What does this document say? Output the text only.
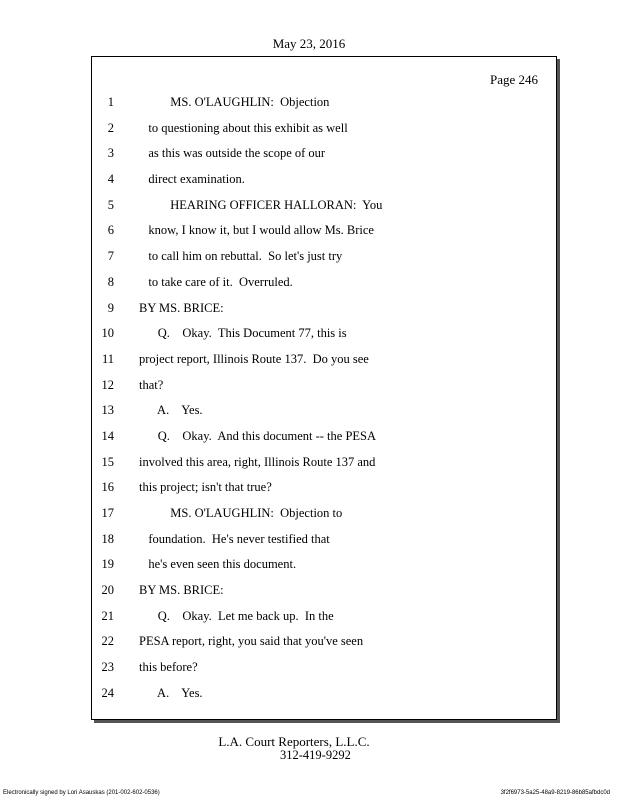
May 23, 2016
Page 246
1 MS. O'LAUGHLIN:  Objection
2 to questioning about this exhibit as well
3 as this was outside the scope of our
4 direct examination.
5 HEARING OFFICER HALLORAN:  You
6 know, I know it, but I would allow Ms. Brice
7 to call him on rebuttal.  So let's just try
8 to take care of it.  Overruled.
9 BY MS. BRICE:
10 Q.    Okay.  This Document 77, this is
11 project report, Illinois Route 137.  Do you see
12 that?
13 A.    Yes.
14 Q.    Okay.  And this document -- the PESA
15 involved this area, right, Illinois Route 137 and
16 this project; isn't that true?
17 MS. O'LAUGHLIN:  Objection to
18 foundation.  He's never testified that
19 he's even seen this document.
20 BY MS. BRICE:
21 Q.    Okay.  Let me back up.  In the
22 PESA report, right, you said that you've seen
23 this before?
24 A.    Yes.
L.A. Court Reporters, L.L.C.
312-419-9292
Electronically signed by Lori Asauskas (201-002-602-0536)	3f2f6973-5a25-48a9-8219-86b85afbdc0d
